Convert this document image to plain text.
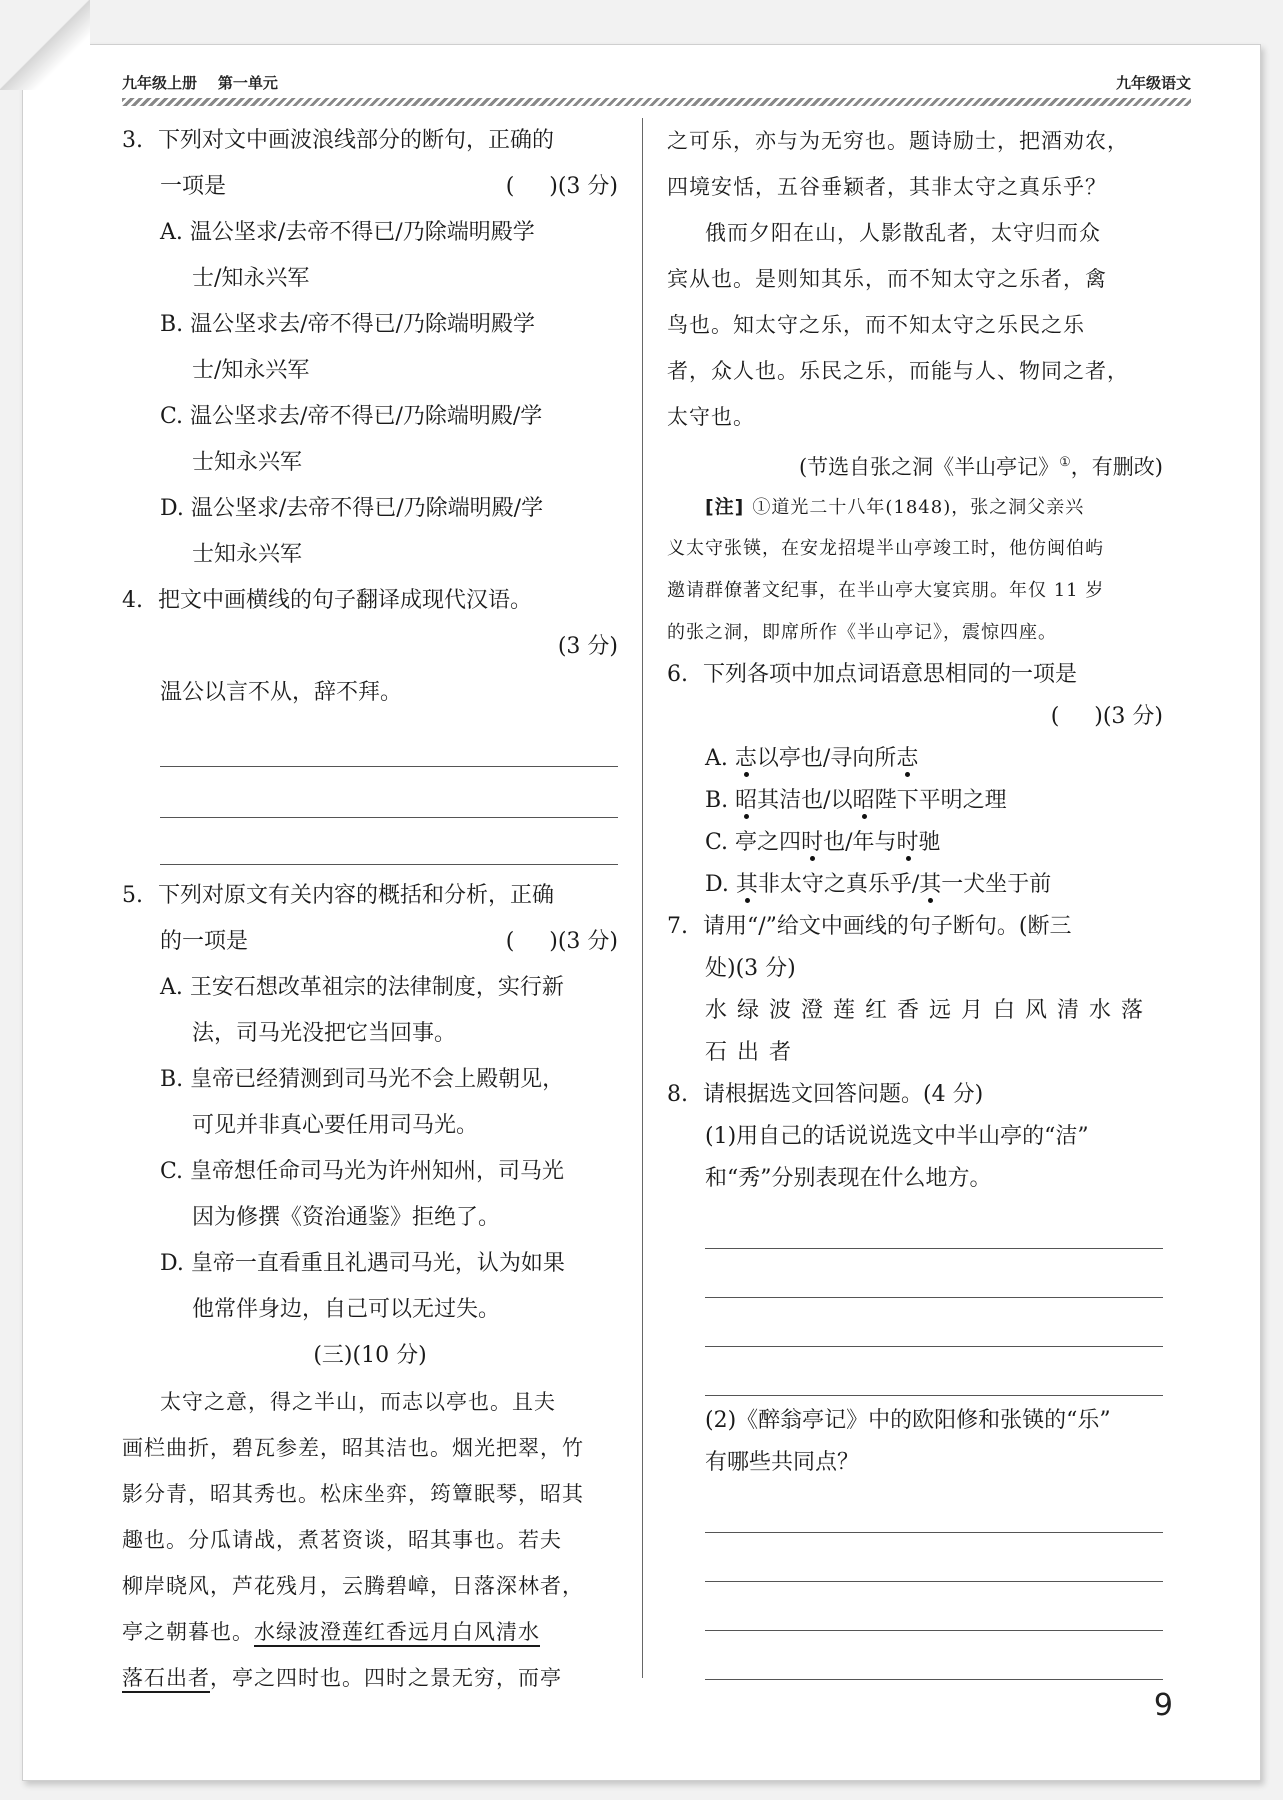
九年级上册    第一单元	九年级语文
3. 下列对文中画波浪线部分的断句，正确的
一项是	(     )(3 分)
A. 温公坚求/去帝不得已/乃除端明殿学
士/知永兴军
B. 温公坚求去/帝不得已/乃除端明殿学
士/知永兴军
C. 温公坚求去/帝不得已/乃除端明殿/学
士知永兴军
D. 温公坚求/去帝不得已/乃除端明殿/学
士知永兴军
4. 把文中画横线的句子翻译成现代汉语。
(3 分)
温公以言不从，辞不拜。
5. 下列对原文有关内容的概括和分析，正确
的一项是	(     )(3 分)
A. 王安石想改革祖宗的法律制度，实行新
法，司马光没把它当回事。
B. 皇帝已经猜测到司马光不会上殿朝见，
可见并非真心要任用司马光。
C. 皇帝想任命司马光为许州知州，司马光
因为修撰《资治通鉴》拒绝了。
D. 皇帝一直看重且礼遇司马光，认为如果
他常伴身边，自己可以无过失。
(三)(10 分)
太守之意，得之半山，而志以亭也。且夫
画栏曲折，碧瓦参差，昭其洁也。烟光把翠，竹
影分青，昭其秀也。松床坐弈，筠簟眠琴，昭其
趣也。分瓜请战，煮茗资谈，昭其事也。若夫
柳岸晓风，芦花残月，云腾碧嶂，日落深林者，
亭之朝暮也。水绿波澄莲红香远月白风清水
落石出者，亭之四时也。四时之景无穷，而亭
之可乐，亦与为无穷也。题诗励士，把酒劝农，
四境安恬，五谷垂颖者，其非太守之真乐乎？
俄而夕阳在山，人影散乱者，太守归而众
宾从也。是则知其乐，而不知太守之乐者，禽
鸟也。知太守之乐，而不知太守之乐民之乐
者，众人也。乐民之乐，而能与人、物同之者，
太守也。
(节选自张之洞《半山亭记》①，有删改)
[注] ①道光二十八年(1848)，张之洞父亲兴
义太守张锳，在安龙招堤半山亭竣工时，他仿闽伯屿
邀请群僚著文纪事，在半山亭大宴宾朋。年仅 11 岁
的张之洞，即席所作《半山亭记》，震惊四座。
6. 下列各项中加点词语意思相同的一项是
(     )(3 分)
A. 志以亭也/寻向所志
B. 昭其洁也/以昭陛下平明之理
C. 亭之四时也/年与时驰
D. 其非太守之真乐乎/其一犬坐于前
7. 请用“/”给文中画线的句子断句。(断三
处)(3 分)
水绿波澄莲红香远月白风清水落
石出者
8. 请根据选文回答问题。(4 分)
(1)用自己的话说说选文中半山亭的“洁”
和“秀”分别表现在什么地方。
(2)《醉翁亭记》中的欧阳修和张锳的“乐”
有哪些共同点？
9
